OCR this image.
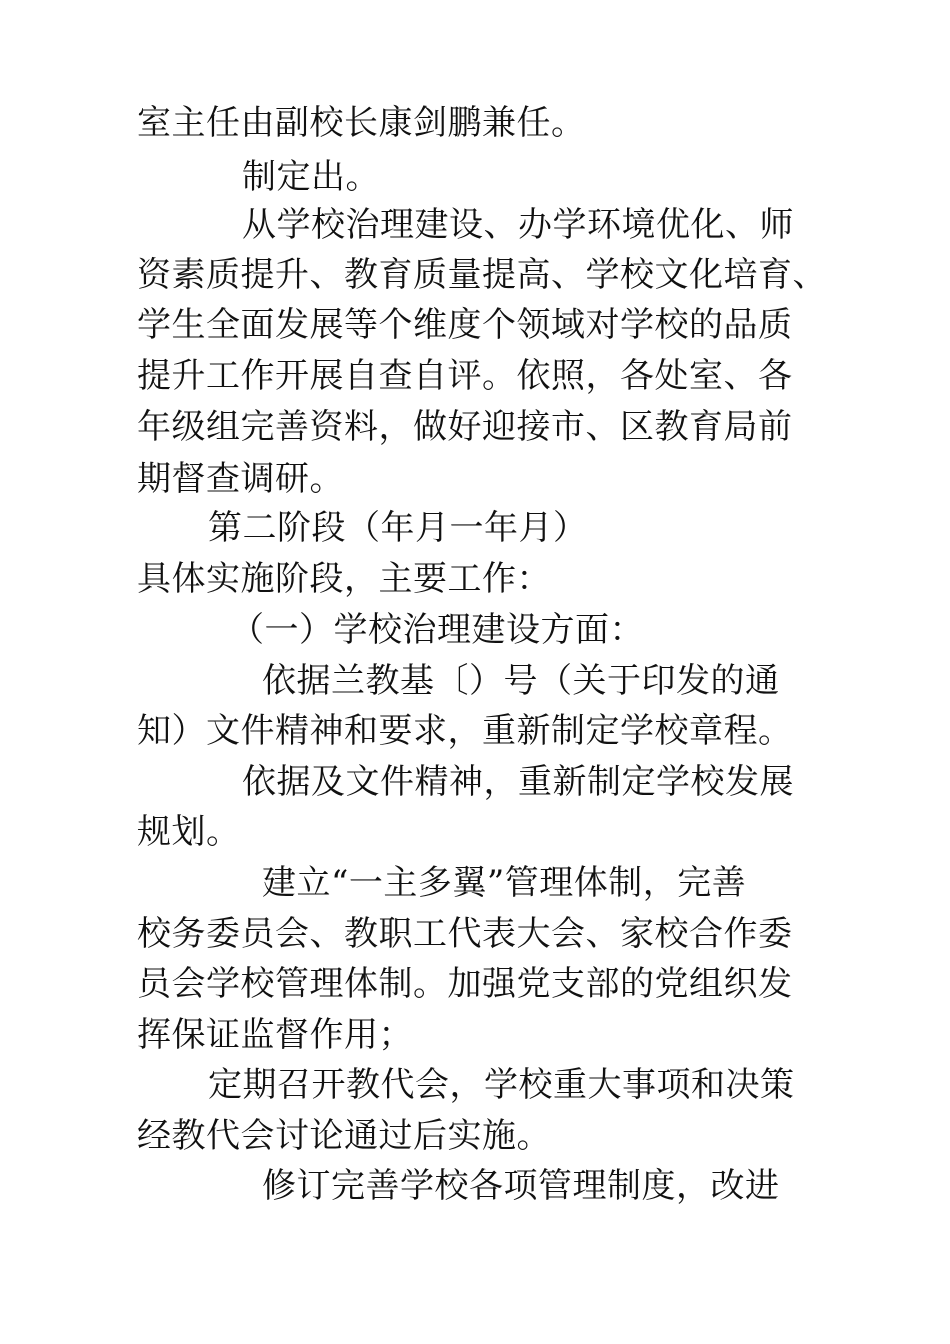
室主任由副校长康剑鹏兼任。
制定出。
从学校治理建设、办学环境优化、师
资素质提升、教育质量提高、学校文化培育、
学生全面发展等个维度个领域对学校的品质
提升工作开展自查自评。依照，各处室、各
年级组完善资料，做好迎接市、区教育局前
期督查调研。
第二阶段（年月一年月）
具体实施阶段，主要工作：
（一）学校治理建设方面：
依据兰教基〔）号（关于印发的通
知）文件精神和要求，重新制定学校章程。
依据及文件精神，重新制定学校发展
规划。
建立“一主多翼”管理体制，完善
校务委员会、教职工代表大会、家校合作委
员会学校管理体制。加强党支部的党组织发
挥保证监督作用；
定期召开教代会，学校重大事项和决策
经教代会讨论通过后实施。
修订完善学校各项管理制度，改进
